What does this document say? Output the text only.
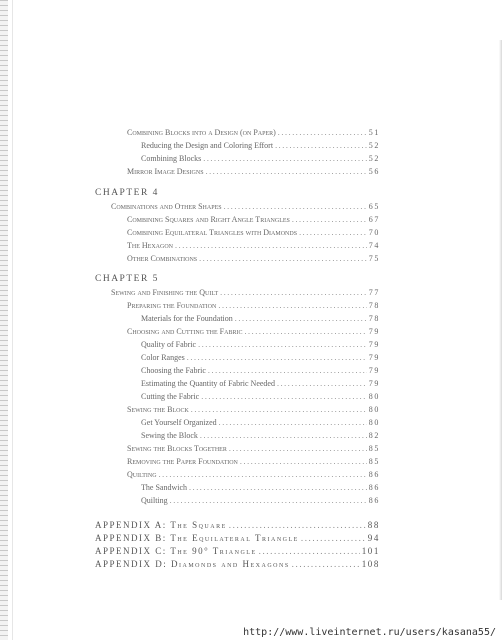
Combining Blocks into a Design (on Paper) .....	51
Reducing the Design and Coloring Effort .....	52
Combining Blocks .....	52
Mirror Image Designs .....	56
CHAPTER 4
Combinations and Other Shapes .....	65
Combining Squares and Right Angle Triangles .....	67
Combining Equilateral Triangles with Diamonds .....	70
The Hexagon .....	74
Other Combinations .....	75
CHAPTER 5
Sewing and Finishing the Quilt .....	77
Preparing the Foundation .....	78
Materials for the Foundation .....	78
Choosing and Cutting the Fabric .....	79
Quality of Fabric .....	79
Color Ranges .....	79
Choosing the Fabric .....	79
Estimating the Quantity of Fabric Needed .....	79
Cutting the Fabric .....	80
Sewing the Block .....	80
Get Yourself Organized .....	80
Sewing the Block .....	82
Sewing the Blocks Together .....	85
Removing the Paper Foundation .....	85
Quilting .....	86
The Sandwich .....	86
Quilting .....	86
APPENDIX A: The Square .....	88
APPENDIX B: The Equilateral Triangle .....	94
APPENDIX C: The 90° Triangle .....	101
APPENDIX D: Diamonds and Hexagons .....	108
http://www.liveinternet.ru/users/kasana55/
